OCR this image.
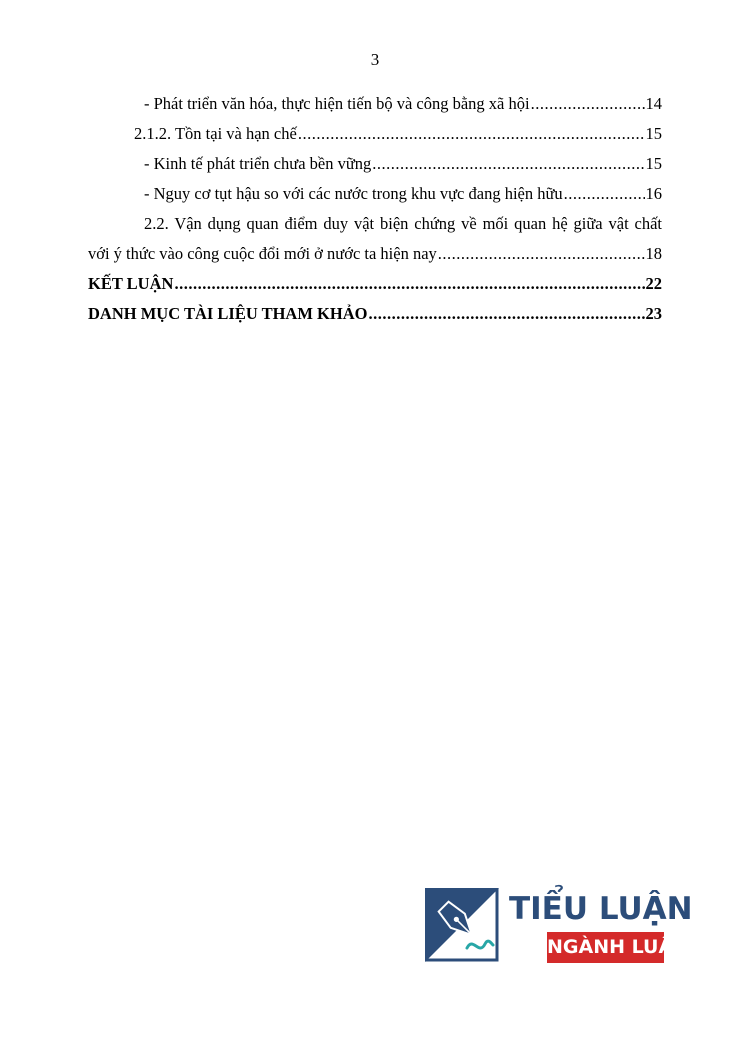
3
- Phát triển văn hóa, thực hiện tiến bộ và công bằng xã hội .....	14
2.1.2. Tồn tại và hạn chế .....	15
- Kinh tế phát triển chưa bền vững .....	15
- Nguy cơ tụt hậu so với các nước trong khu vực đang hiện hữu .....	16
2.2. Vận dụng quan điểm duy vật biện chứng về mối quan hệ giữa vật chất
với ý thức vào công cuộc đổi mới ở nước ta hiện nay .....	18
KẾT LUẬN .....	22
DANH MỤC TÀI LIỆU THAM KHẢO .....	23
TIỂU LUẬN
NGÀNH LUẬT
